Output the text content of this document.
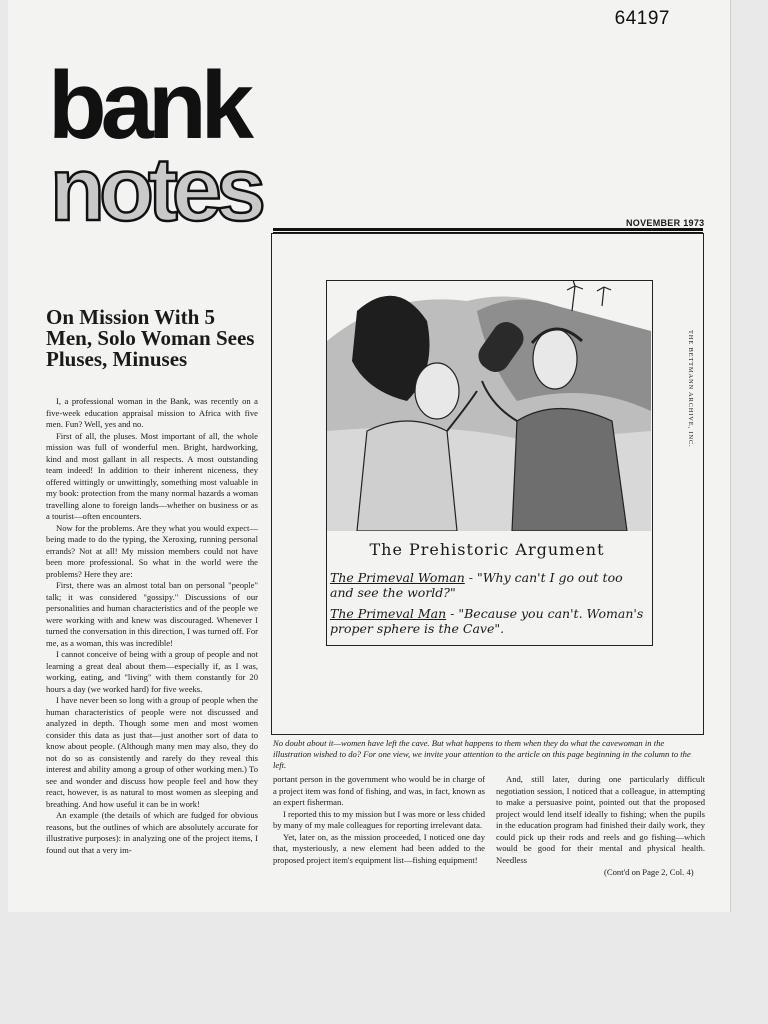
64197
bank
notes	NOVEMBER 1973
On Mission With 5 Men, Solo Woman Sees Pluses, Minuses

I, a professional woman in the Bank, was recently on a five-week education appraisal mission to Africa with five men. Fun? Well, yes and no.

First of all, the pluses. Most important of all, the whole mission was full of wonderful men. Bright, hardworking, kind and most gallant in all respects. A most outstanding team indeed! In addition to their inherent niceness, they offered wittingly or unwittingly, something most valuable in my book: protection from the many normal hazards a woman travelling alone to foreign lands—whether on business or as a tourist—often encounters.

Now for the problems. Are they what you would expect—being made to do the typing, the Xeroxing, running personal errands? Not at all! My mission members could not have been more professional. So what in the world were the problems? Here they are:

First, there was an almost total ban on personal "people" talk; it was considered "gossipy." Discussions of our personalities and human characteristics and of the people we were working with and knew was discouraged. Whenever I turned the conversation in this direction, I was turned off. For me, as a woman, this was incredible!

I cannot conceive of being with a group of people and not learning a great deal about them—especially if, as I was, working, eating, and "living" with them constantly for 20 hours a day (we worked hard) for five weeks.

I have never been so long with a group of people when the human characteristics of people were not discussed and analyzed in depth. Though some men and most women consider this data as just that—just another sort of data to know about people. (Although many men may also, they do not do so as consistently and rarely do they reveal this interest and ability among a group of other working men.) To see and wonder and discuss how people feel and how they react, however, is as natural to most women as sleeping and breathing. And how useful it can be in work!

An example (the details of which are fudged for obvious reasons, but the outlines of which are absolutely accurate for illustrative purposes): in analyzing one of the project items, I found out that a very im-

THE BETTMANN ARCHIVE, INC.
The Prehistoric Argument
The Primeval Woman - "Why can't I go out too and see the world?"
The Primeval Man - "Because you can't. Woman's proper sphere is the Cave".

No doubt about it—women have left the cave. But what happens to them when they do what the cavewoman in the illustration wished to do? For one view, we invite your attention to the article on this page beginning in the column to the left.

portant person in the government who would be in charge of a project item was fond of fishing, and was, in fact, known as an expert fisherman.

I reported this to my mission but I was more or less chided by many of my male colleagues for reporting irrelevant data.

Yet, later on, as the mission proceeded, I noticed one day that, mysteriously, a new element had been added to the proposed project item's equipment list—fishing equipment!

And, still later, during one particularly difficult negotiation session, I noticed that a colleague, in attempting to make a persuasive point, pointed out that the proposed project would lend itself ideally to fishing; when the pupils in the education program had finished their daily work, they could pick up their rods and reels and go fishing—which would be good for their mental and physical health. Needless

(Cont'd on Page 2, Col. 4)
